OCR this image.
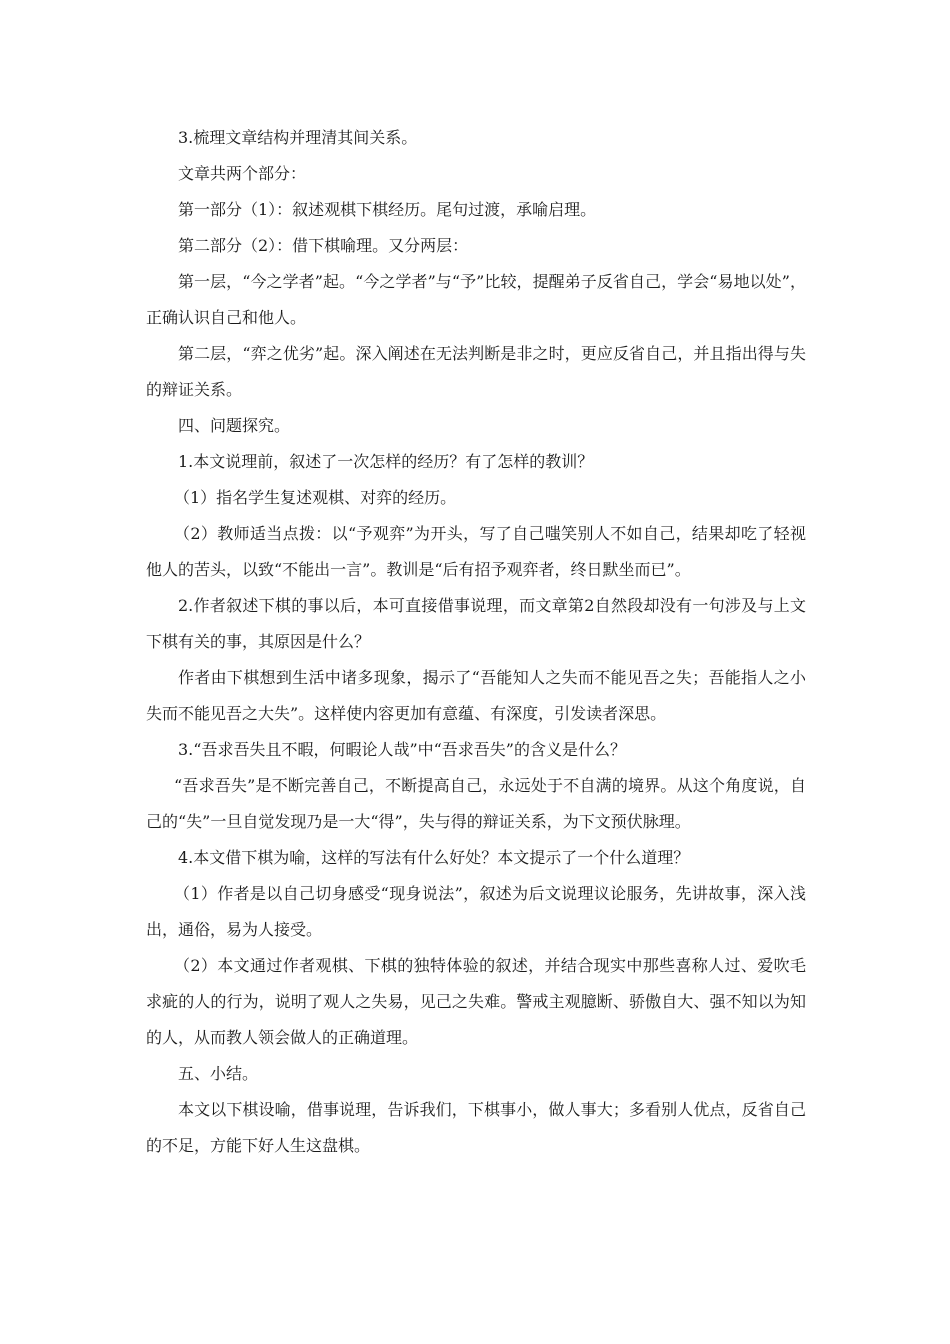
3.梳理文章结构并理清其间关系。

文章共两个部分：

第一部分（1）：叙述观棋下棋经历。尾句过渡，承喻启理。

第二部分（2）：借下棋喻理。又分两层：

第一层，“今之学者”起。“今之学者”与“予”比较，提醒弟子反省自己，学会“易地以处”，正确认识自己和他人。

第二层，“弈之优劣”起。深入阐述在无法判断是非之时，更应反省自己，并且指出得与失的辩证关系。

四、问题探究。

1.本文说理前，叙述了一次怎样的经历？有了怎样的教训？

（1）指名学生复述观棋、对弈的经历。

（2）教师适当点拨：以“予观弈”为开头，写了自己嗤笑别人不如自己，结果却吃了轻视他人的苦头，以致“不能出一言”。教训是“后有招予观弈者，终日默坐而已”。

2.作者叙述下棋的事以后，本可直接借事说理，而文章第2自然段却没有一句涉及与上文下棋有关的事，其原因是什么？

作者由下棋想到生活中诸多现象，揭示了“吾能知人之失而不能见吾之失；吾能指人之小失而不能见吾之大失”。这样使内容更加有意蕴、有深度，引发读者深思。

3.“吾求吾失且不暇，何暇论人哉”中“吾求吾失”的含义是什么？

“吾求吾失”是不断完善自己，不断提高自己，永远处于不自满的境界。从这个角度说，自己的“失”一旦自觉发现乃是一大“得”，失与得的辩证关系，为下文预伏脉理。

4.本文借下棋为喻，这样的写法有什么好处？本文提示了一个什么道理？

（1）作者是以自己切身感受“现身说法”，叙述为后文说理议论服务，先讲故事，深入浅出，通俗，易为人接受。

（2）本文通过作者观棋、下棋的独特体验的叙述，并结合现实中那些喜称人过、爱吹毛求疵的人的行为，说明了观人之失易，见己之失难。警戒主观臆断、骄傲自大、强不知以为知的人，从而教人领会做人的正确道理。

五、小结。

本文以下棋设喻，借事说理，告诉我们，下棋事小，做人事大；多看别人优点，反省自己的不足，方能下好人生这盘棋。
